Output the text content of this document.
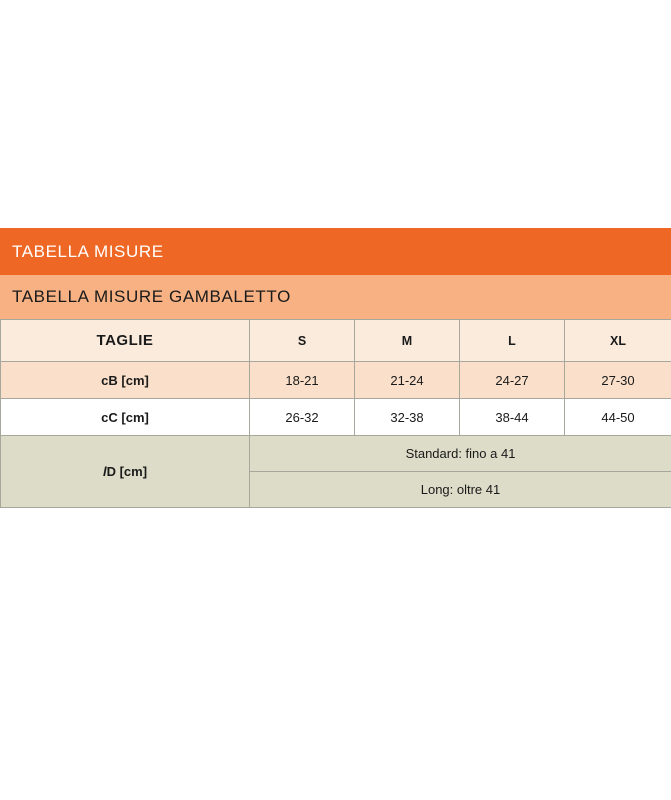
TABELLA MISURE
TABELLA MISURE GAMBALETTO
TAGLIE	S	M	L	XL
cB [cm]	18-21	21-24	24-27	27-30
cC [cm]	26-32	32-38	38-44	44-50
lD [cm]	Standard: fino a 41			
	Long: oltre 41			
